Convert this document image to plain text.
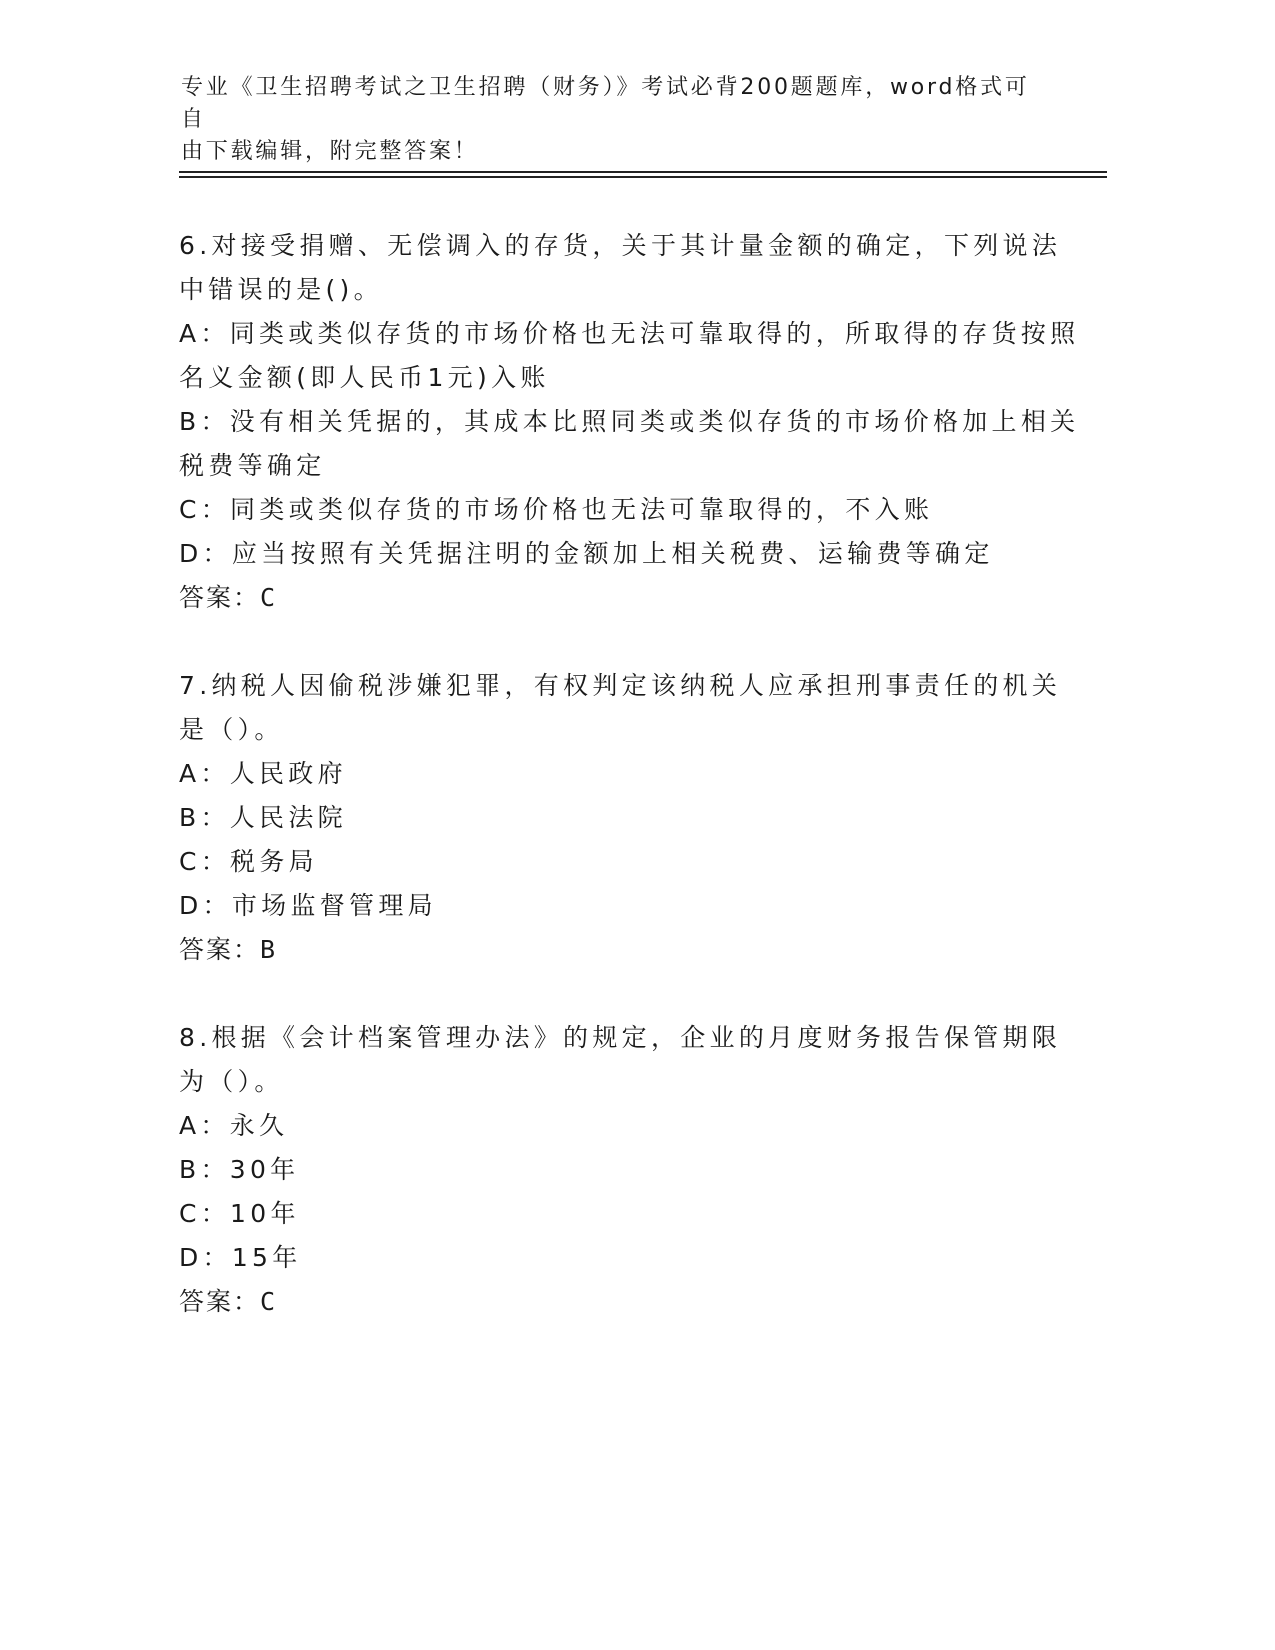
专业《卫生招聘考试之卫生招聘（财务）》考试必背200题题库，word格式可自
由下载编辑，附完整答案！
6.对接受捐赠、无偿调入的存货，关于其计量金额的确定，下列说法
中错误的是()。
A：同类或类似存货的市场价格也无法可靠取得的，所取得的存货按照
名义金额(即人民币1元)入账
B：没有相关凭据的，其成本比照同类或类似存货的市场价格加上相关
税费等确定
C：同类或类似存货的市场价格也无法可靠取得的，不入账
D：应当按照有关凭据注明的金额加上相关税费、运输费等确定
答案：C
7.纳税人因偷税涉嫌犯罪，有权判定该纳税人应承担刑事责任的机关
是（）。
A：人民政府
B：人民法院
C：税务局
D：市场监督管理局
答案：B
8.根据《会计档案管理办法》的规定，企业的月度财务报告保管期限
为（）。
A：永久
B：30年
C：10年
D：15年
答案：C
